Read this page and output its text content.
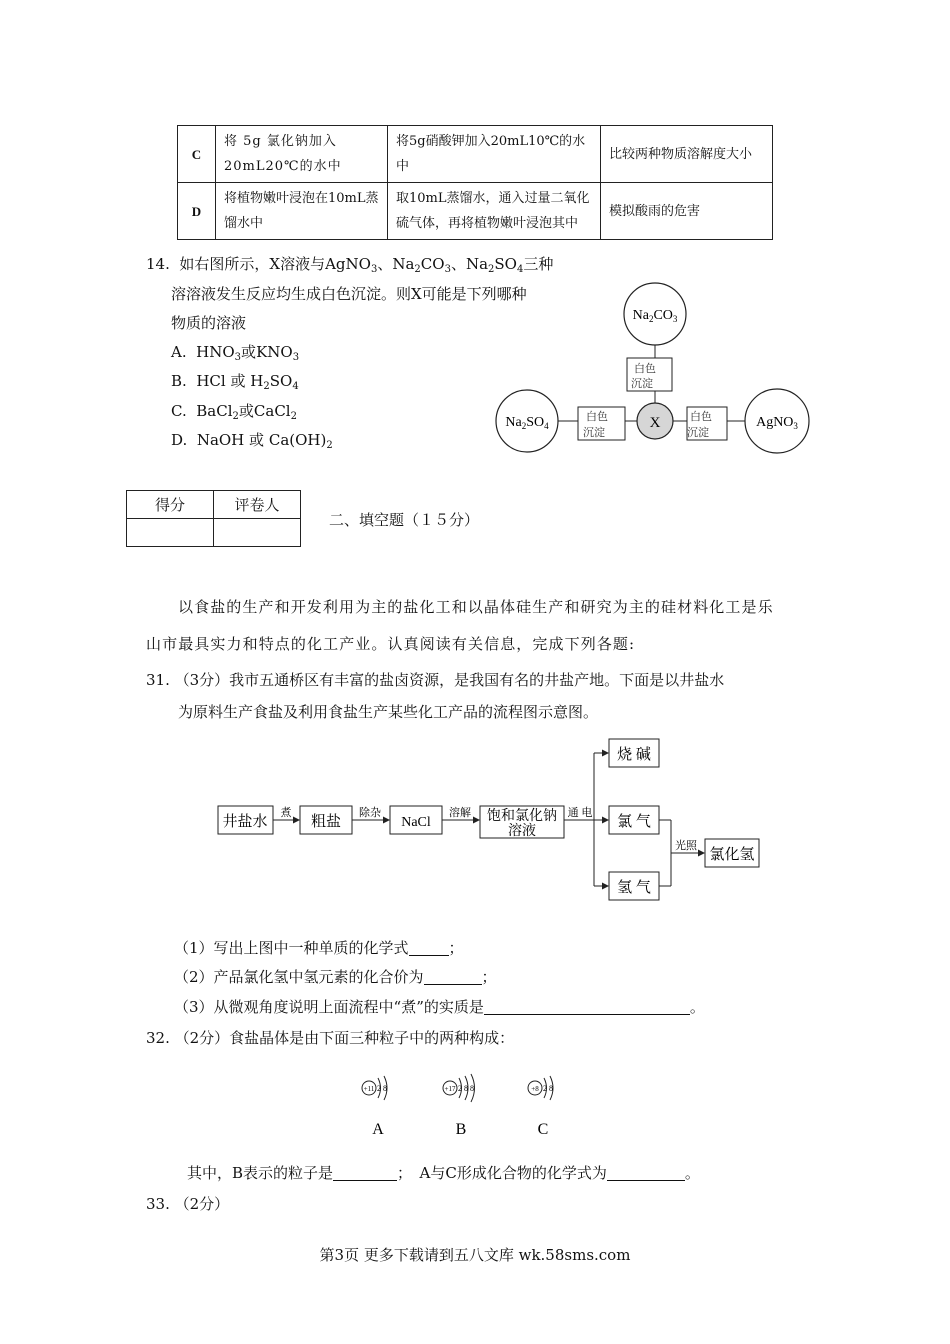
C	将 5g 氯化钠加入20mL20℃的水中	将5g硝酸钾加入20mL10℃的水中	比较两种物质溶解度大小
D	将植物嫩叶浸泡在10mL蒸馏水中	取10mL蒸馏水，通入过量二氧化硫气体，再将植物嫩叶浸泡其中	模拟酸雨的危害
14. 如右图所示，X溶液与AgNO$_3$、$Na_2CO_3$、$Na_2SO_4$三种
溶溶液发生反应均生成白色沉淀。则X可能是下列哪种
物质的溶液
A. $HNO_3$或$KNO_3$
B. HCl 或 $H_2SO_4$
C. BaCl$_2$或CaCl$_2$
D. NaOH 或 $Ca(OH)_2$
$Na_2CO_3$
$Na_2SO_4$	AgNO$_3$
X
白色
沉淀
白色
沉淀
白色
沉淀
得分	评卷人

二、填空题（１５分）
以食盐的生产和开发利用为主的盐化工和以晶体硅生产和研究为主的硅材料化工是乐
山市最具实力和特点的化工产业。认真阅读有关信息，完成下列各题:
31. （3分）我市五通桥区有丰富的盐卤资源，是我国有名的井盐产地。下面是以井盐水
为原料生产食盐及利用食盐生产某些化工产品的流程图示意图。
井盐水	粗盐	NaCl	饱和氯化钠
溶液
煮	除杂	溶解	通 电
烧 碱
氯 气
氢 气
光照
氯化氢
（1）写出上图中一种单质的化学式	；
（2）产品氯化氢中氢元素的化合价为	；
（3）从微观角度说明上面流程中“煮”的实质是	。
32. （2分）食盐晶体是由下面三种粒子中的两种构成：
+11 2 8
A
+17 2 8 8
B
+8 2 8
C
其中，B表示的粒子是	；　A与C形成化合物的化学式为	。
33. （2分）
第3页 更多下载请到五八文库 wk.58sms.com
